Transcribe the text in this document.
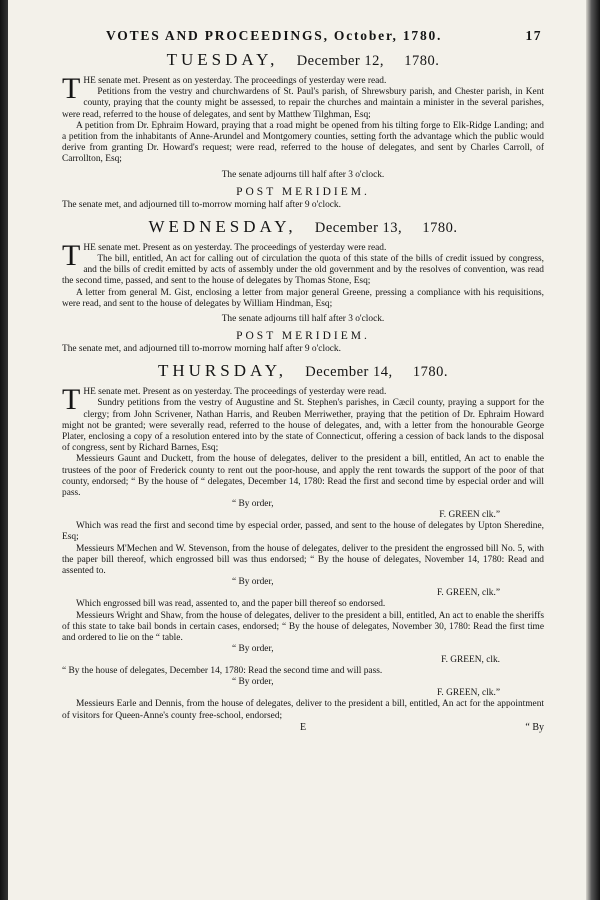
VOTES AND PROCEEDINGS, October, 1780.	17
TUESDAY, December 12, 1780.

THE senate met. Present as on yesterday. The proceedings of yesterday were read.

Petitions from the vestry and churchwardens of St. Paul's parish, of Shrewsbury parish, and Chester parish, in Kent county, praying that the county might be assessed, to repair the churches and maintain a minister in the several parishes, were read, referred to the house of delegates, and sent by Matthew Tilghman, Esq;

A petition from Dr. Ephraim Howard, praying that a road might be opened from his tilting forge to Elk-Ridge Landing; and a petition from the inhabitants of Anne-Arundel and Montgomery counties, setting forth the advantage which the public would derive from granting Dr. Howard's request; were read, referred to the house of delegates, and sent by Charles Carroll, of Carrollton, Esq;

The senate adjourns till half after 3 o'clock.

POST MERIDIEM.

The senate met, and adjourned till to-morrow morning half after 9 o'clock.

WEDNESDAY, December 13, 1780.

THE senate met. Present as on yesterday. The proceedings of yesterday were read.

The bill, entitled, An act for calling out of circulation the quota of this state of the bills of credit issued by congress, and the bills of credit emitted by acts of assembly under the old government and by the resolves of convention, was read the second time, passed, and sent to the house of delegates by Thomas Stone, Esq;

A letter from general M. Gist, enclosing a letter from major general Greene, pressing a compliance with his requisitions, were read, and sent to the house of delegates by William Hindman, Esq;

The senate adjourns till half after 3 o'clock.

POST MERIDIEM.

The senate met, and adjourned till to-morrow morning half after 9 o'clock.

THURSDAY, December 14, 1780.

THE senate met. Present as on yesterday. The proceedings of yesterday were read.

Sundry petitions from the vestry of Augustine and St. Stephen's parishes, in Cæcil county, praying a support for the clergy; from John Scrivener, Nathan Harris, and Reuben Merriwether, praying that the petition of Dr. Ephraim Howard might not be granted; were severally read, referred to the house of delegates, and, with a letter from the honourable George Plater, enclosing a copy of a resolution entered into by the state of Connecticut, offering a cession of back lands to the disposal of congress, sent by Richard Barnes, Esq;

Messieurs Gaunt and Duckett, from the house of delegates, deliver to the president a bill, entitled, An act to enable the trustees of the poor of Frederick county to rent out the poor-house, and apply the rent towards the support of the poor of that county, endorsed; “ By the house of “ delegates, December 14, 1780: Read the first and second time by especial order and will pass.

“ By order,

F. GREEN clk.”

Which was read the first and second time by especial order, passed, and sent to the house of delegates by Upton Sheredine, Esq;

Messieurs M'Mechen and W. Stevenson, from the house of delegates, deliver to the president the engrossed bill No. 5, with the paper bill thereof, which engrossed bill was thus endorsed; “ By the house of delegates, November 14, 1780: Read and assented to.

“ By order,

F. GREEN, clk.”

Which engrossed bill was read, assented to, and the paper bill thereof so endorsed.

Messieurs Wright and Shaw, from the house of delegates, deliver to the president a bill, entitled, An act to enable the sheriffs of this state to take bail bonds in certain cases, endorsed; “ By the house of delegates, November 30, 1780: Read the first time and ordered to lie on the “ table.

“ By order,

F. GREEN, clk.

“ By the house of delegates, December 14, 1780: Read the second time and will pass.

“ By order,

F. GREEN, clk.”

Messieurs Earle and Dennis, from the house of delegates, deliver to the president a bill, entitled, An act for the appointment of visitors for Queen-Anne's county free-school, endorsed;

E	“ By
